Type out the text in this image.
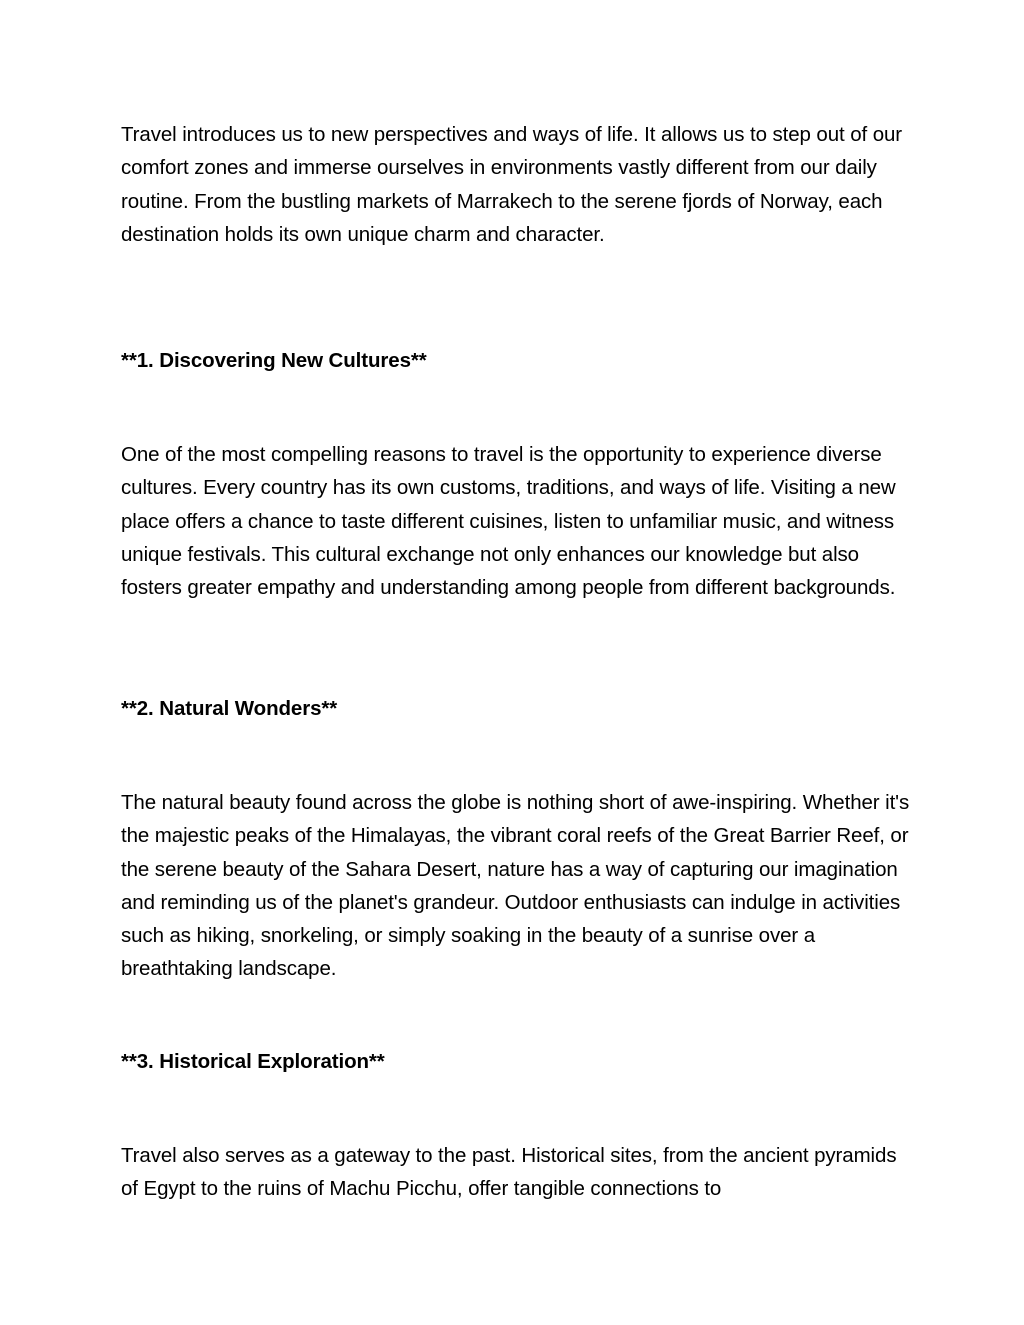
Travel introduces us to new perspectives and ways of life. It allows us to step out of our comfort zones and immerse ourselves in environments vastly different from our daily routine. From the bustling markets of Marrakech to the serene fjords of Norway, each destination holds its own unique charm and character.

**1. Discovering New Cultures**

One of the most compelling reasons to travel is the opportunity to experience diverse cultures. Every country has its own customs, traditions, and ways of life. Visiting a new place offers a chance to taste different cuisines, listen to unfamiliar music, and witness unique festivals. This cultural exchange not only enhances our knowledge but also fosters greater empathy and understanding among people from different backgrounds.

**2. Natural Wonders**

The natural beauty found across the globe is nothing short of awe-inspiring. Whether it's the majestic peaks of the Himalayas, the vibrant coral reefs of the Great Barrier Reef, or the serene beauty of the Sahara Desert, nature has a way of capturing our imagination and reminding us of the planet's grandeur. Outdoor enthusiasts can indulge in activities such as hiking, snorkeling, or simply soaking in the beauty of a sunrise over a breathtaking landscape.

**3. Historical Exploration**

Travel also serves as a gateway to the past. Historical sites, from the ancient pyramids of Egypt to the ruins of Machu Picchu, offer tangible connections to
